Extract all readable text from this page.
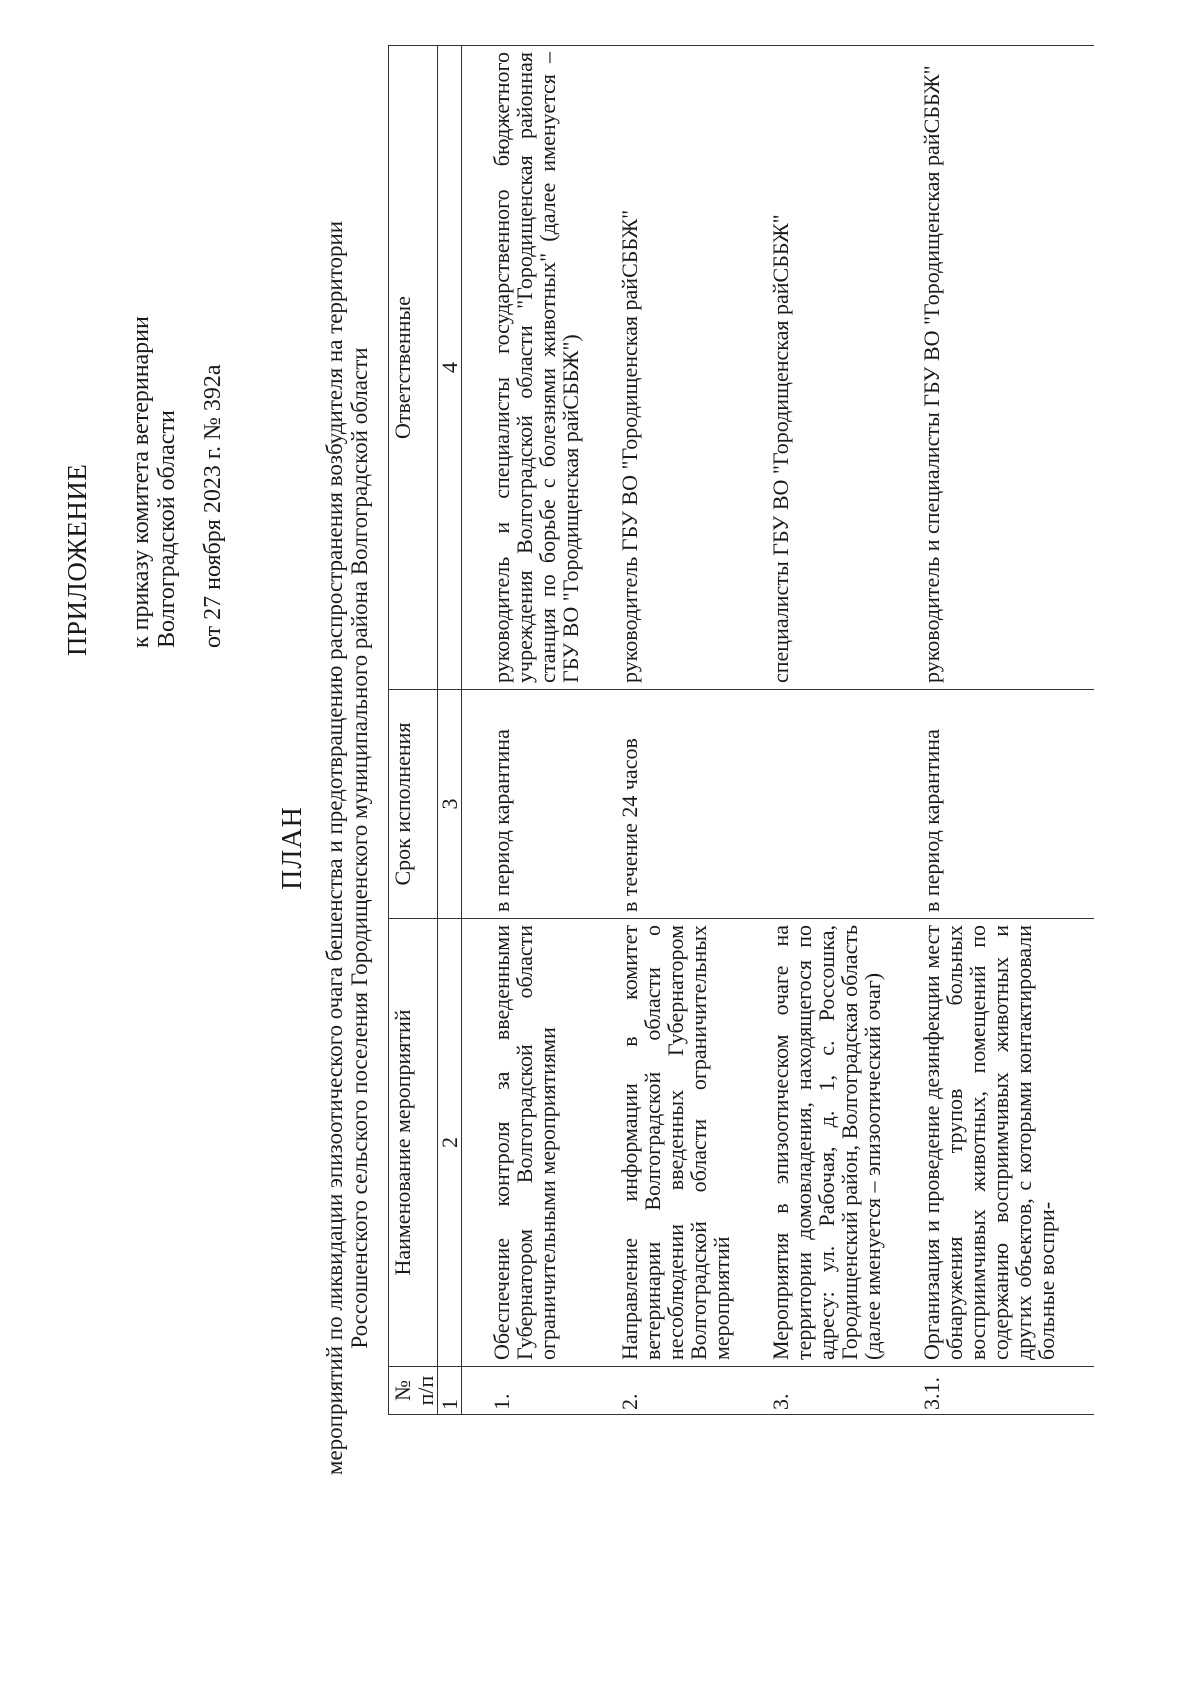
ПРИЛОЖЕНИЕ к приказу комитета ветеринарии
Волгоградской области от 27 ноября 2023 г. № 392а
ПЛАН мероприятий по ликвидации эпизоотического очага бешенства и предотвращению распространения возбудителя на территории Россошенского сельского поселения Городищенского муниципального района Волгоградской области
№ п/п	Наименование мероприятий	Срок исполнения	Ответственные
1	2	3	4
1.	Обеспечение контроля за введенными Губернатором Волгоградской области ограничительными мероприятиями	в период карантина	руководитель и специалисты государственного бюджетного учреждения Волгоградской области "Городищенская районная станция по борьбе с болезнями животных" (далее именуется – ГБУ ВО "Городищенская райСББЖ")
2.	Направление информации в комитет ветеринарии Волгоградской области о несоблюдении введенных Губернатором Волгоградской области ограничительных мероприятий	в течение 24 часов	руководитель ГБУ ВО "Городищенская райСББЖ"
3.	Мероприятия в эпизоотическом очаге на территории домовладения, находящегося по адресу: ул. Рабочая, д. 1, с. Россошка, Городищенский район, Волгоградская область (далее именуется – эпизоотический очаг)		специалисты ГБУ ВО "Городищенская райСББЖ"
3.1.	Организация и проведение дезинфекции мест обнаружения трупов больных восприимчивых животных, помещений по содержанию восприимчивых животных и других объектов, с которыми контактировали больные воспри-	в период карантина	руководитель и специалисты ГБУ ВО "Городищенская райСББЖ"
